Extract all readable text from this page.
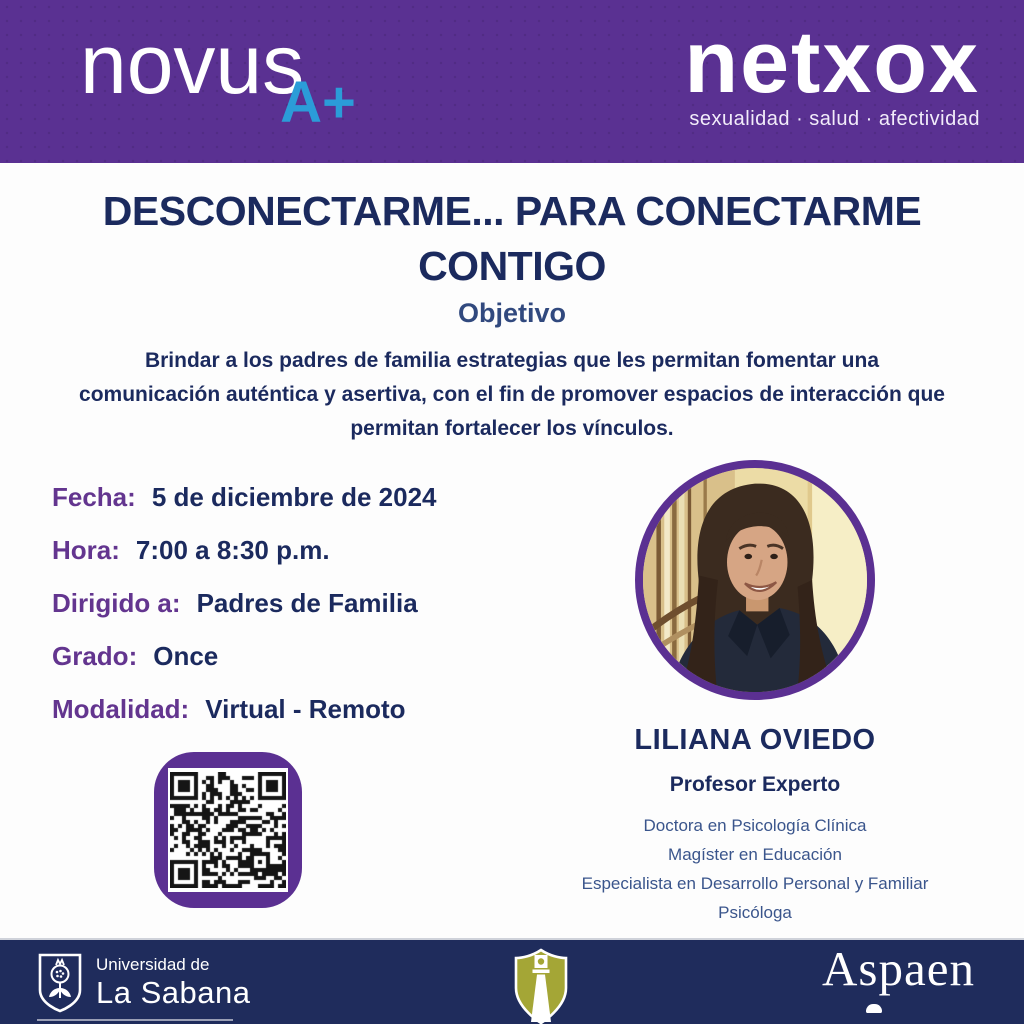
novus
A+	netxox
sexualidad · salud · afectividad
DESCONECTARME... PARA CONECTARME CONTIGO
Objetivo
Brindar a los padres de familia estrategias que les permitan fomentar una comunicación auténtica y asertiva, con el fin de promover espacios de interacción que permitan fortalecer los vínculos.
Fecha: 5 de diciembre de 2024
Hora: 7:00 a 8:30 p.m.
Dirigido a: Padres de Familia
Grado: Once
Modalidad: Virtual - Remoto
LILIANA OVIEDO
Profesor Experto
Doctora en Psicología Clínica
Magíster en Educación
Especialista en Desarrollo Personal y Familiar
Psicóloga
Universidad de
La Sabana	Aspaen
